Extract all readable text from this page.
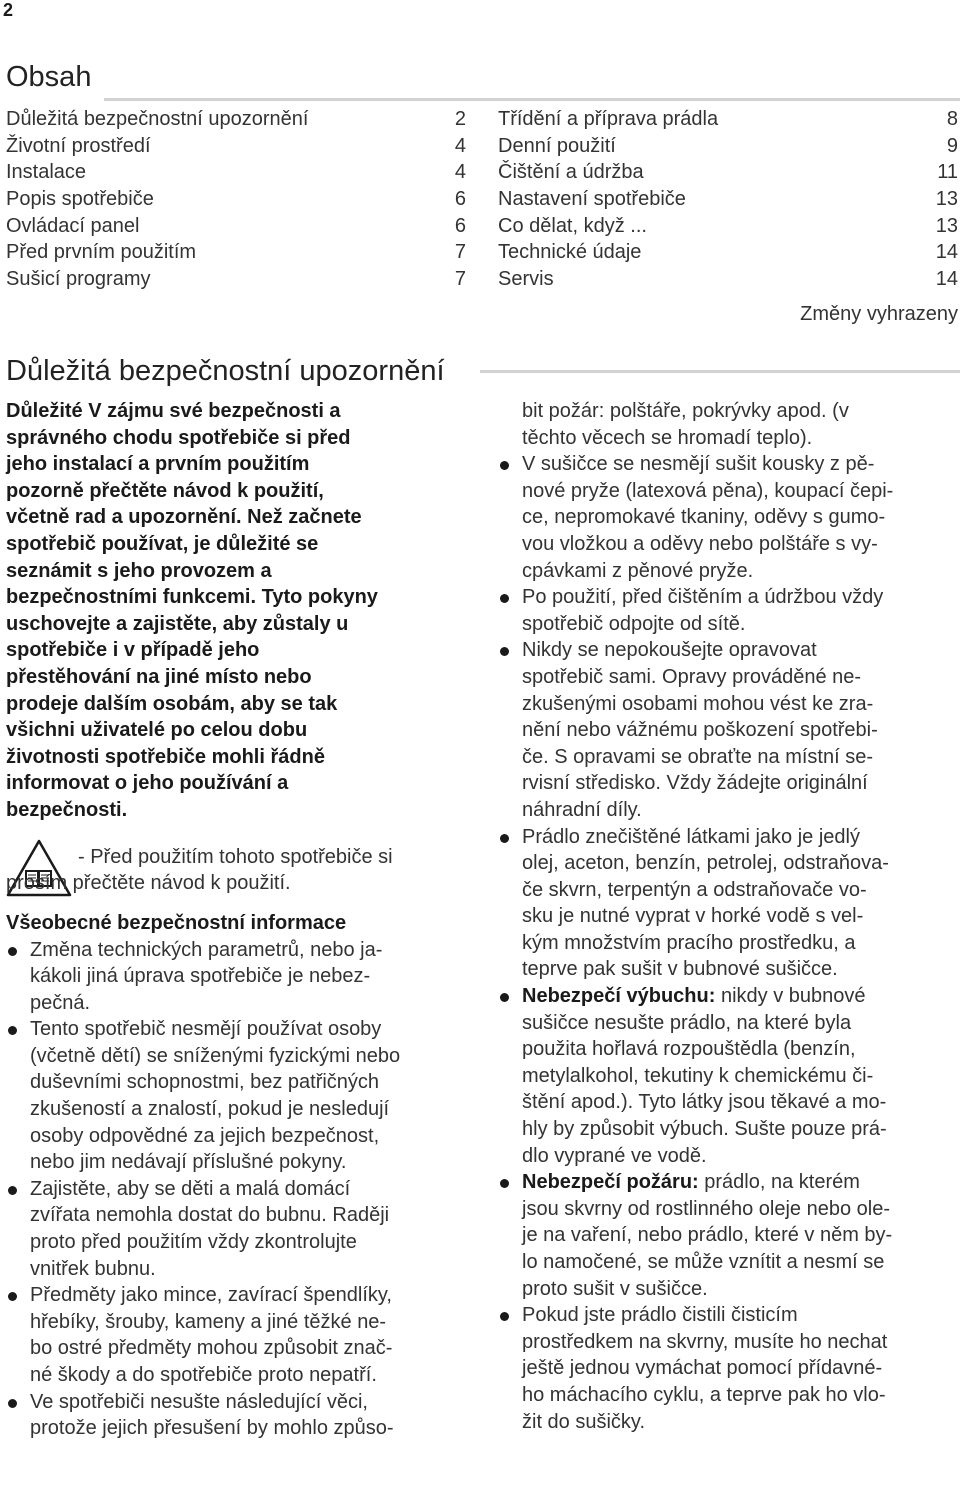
2
Obsah
Důležitá bezpečnostní upozornění	2
Životní prostředí	4
Instalace	4
Popis spotřebiče	6
Ovládací panel	6
Před prvním použitím	7
Sušicí programy	7
Třídění a příprava prádla	8
Denní použití	9
Čištění a údržba	11
Nastavení spotřebiče	13
Co dělat, když ...	13
Technické údaje	14
Servis	14
Změny vyhrazeny
Důležitá bezpečnostní upozornění

Důležité V zájmu své bezpečnosti a
správného chodu spotřebiče si před
jeho instalací a prvním použitím
pozorně přečtěte návod k použití,
včetně rad a upozornění. Než začnete
spotřebič používat, je důležité se
seznámit s jeho provozem a
bezpečnostními funkcemi. Tyto pokyny
uschovejte a zajistěte, aby zůstaly u
spotřebiče i v případě jeho
přestěhování na jiné místo nebo
prodeje dalším osobám, aby se tak
všichni uživatelé po celou dobu
životnosti spotřebiče mohli řádně
informovat o jeho používání a
bezpečnosti.

- Před použitím tohoto spotřebiče si
prosím přečtěte návod k použití.
Všeobecné bezpečnostní informace
Změna technických parametrů, nebo ja-
kákoli jiná úprava spotřebiče je nebez-
pečná.
Tento spotřebič nesmějí používat osoby
(včetně dětí) se sníženými fyzickými nebo
duševními schopnostmi, bez patřičných
zkušeností a znalostí, pokud je nesledují
osoby odpovědné za jejich bezpečnost,
nebo jim nedávají příslušné pokyny.
Zajistěte, aby se děti a malá domácí
zvířata nemohla dostat do bubnu. Raději
proto před použitím vždy zkontrolujte
vnitřek bubnu.
Předměty jako mince, zavírací špendlíky,
hřebíky, šrouby, kameny a jiné těžké ne-
bo ostré předměty mohou způsobit znač-
né škody a do spotřebiče proto nepatří.
Ve spotřebiči nesušte následující věci,
protože jejich přesušení by mohlo způso-
bit požár: polštáře, pokrývky apod. (v
těchto věcech se hromadí teplo).
V sušičce se nesmějí sušit kousky z pě-
nové pryže (latexová pěna), koupací čepi-
ce, nepromokavé tkaniny, oděvy s gumo-
vou vložkou a oděvy nebo polštáře s vy-
cpávkami z pěnové pryže.
Po použití, před čištěním a údržbou vždy
spotřebič odpojte od sítě.
Nikdy se nepokoušejte opravovat
spotřebič sami. Opravy prováděné ne-
zkušenými osobami mohou vést ke zra-
nění nebo vážnému poškození spotřebi-
če. S opravami se obraťte na místní se-
rvisní středisko. Vždy žádejte originální
náhradní díly.
Prádlo znečištěné látkami jako je jedlý
olej, aceton, benzín, petrolej, odstraňova-
če skvrn, terpentýn a odstraňovače vo-
sku je nutné vyprat v horké vodě s vel-
kým množstvím pracího prostředku, a
teprve pak sušit v bubnové sušičce.
Nebezpečí výbuchu: nikdy v bubnové
sušičce nesušte prádlo, na které byla
použita hořlavá rozpouštědla (benzín,
metylalkohol, tekutiny k chemickému či-
štění apod.). Tyto látky jsou těkavé a mo-
hly by způsobit výbuch. Sušte pouze prá-
dlo vyprané ve vodě.
Nebezpečí požáru: prádlo, na kterém
jsou skvrny od rostlinného oleje nebo ole-
je na vaření, nebo prádlo, které v něm by-
lo namočené, se může vznítit a nesmí se
proto sušit v sušičce.
Pokud jste prádlo čistili čisticím
prostředkem na skvrny, musíte ho nechat
ještě jednou vymáchat pomocí přídavné-
ho máchacího cyklu, a teprve pak ho vlo-
žit do sušičky.
